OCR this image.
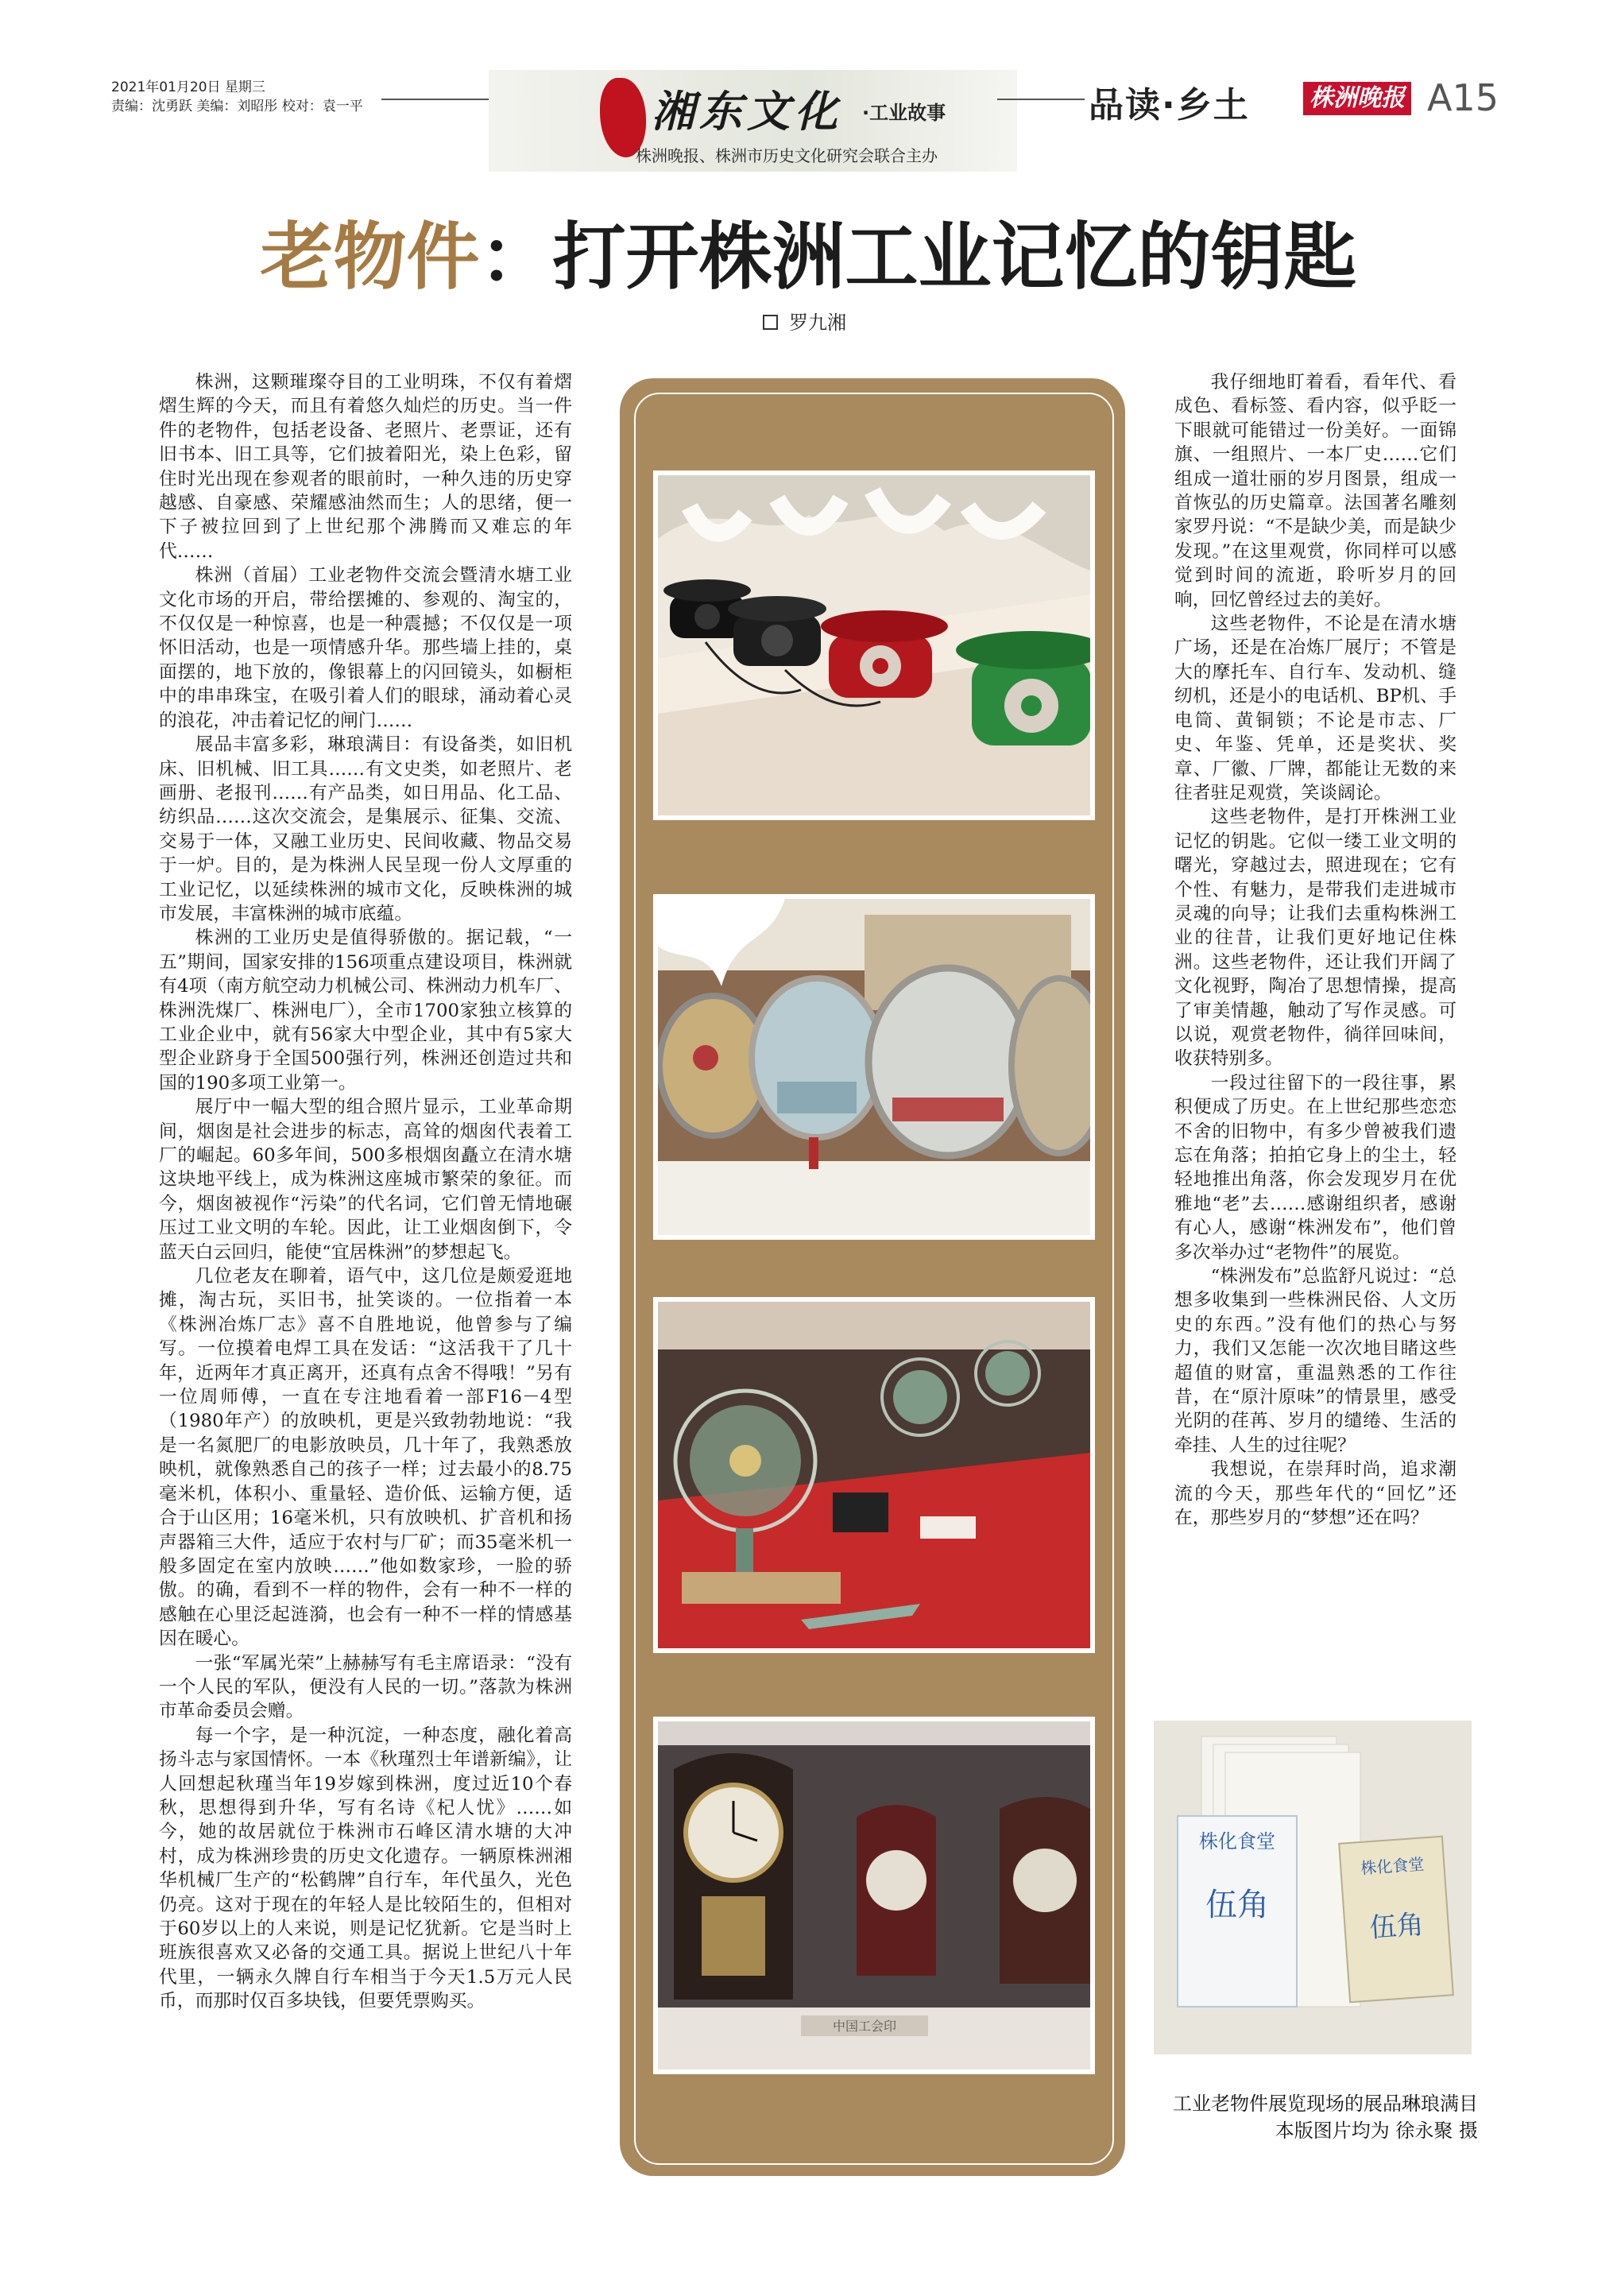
2021年01月20日 星期三
责编：沈勇跃 美编：刘昭彤 校对：袁一平	湘东文化 ·工业故事
株洲晚报、株洲市历史文化研究会联合主办
品读·乡土	株洲晚报 A15
老物件：打开株洲工业记忆的钥匙
罗九湘

株洲，这颗璀璨夺目的工业明珠，不仅有着熠熠生辉的今天，而且有着悠久灿烂的历史。当一件件的老物件，包括老设备、老照片、老票证，还有旧书本、旧工具等，它们披着阳光，染上色彩，留住时光出现在参观者的眼前时，一种久违的历史穿越感、自豪感、荣耀感油然而生；人的思绪，便一下子被拉回到了上世纪那个沸腾而又难忘的年代……

株洲（首届）工业老物件交流会暨清水塘工业文化市场的开启，带给摆摊的、参观的、淘宝的，不仅仅是一种惊喜，也是一种震撼；不仅仅是一项怀旧活动，也是一项情感升华。那些墙上挂的，桌面摆的，地下放的，像银幕上的闪回镜头，如橱柜中的串串珠宝，在吸引着人们的眼球，涌动着心灵的浪花，冲击着记忆的闸门……

展品丰富多彩，琳琅满目：有设备类，如旧机床、旧机械、旧工具……有文史类，如老照片、老画册、老报刊……有产品类，如日用品、化工品、纺织品……这次交流会，是集展示、征集、交流、交易于一体，又融工业历史、民间收藏、物品交易于一炉。目的，是为株洲人民呈现一份人文厚重的工业记忆，以延续株洲的城市文化，反映株洲的城市发展，丰富株洲的城市底蕴。

株洲的工业历史是值得骄傲的。据记载，“一五”期间，国家安排的156项重点建设项目，株洲就有4项（南方航空动力机械公司、株洲动力机车厂、株洲洗煤厂、株洲电厂），全市1700家独立核算的工业企业中，就有56家大中型企业，其中有5家大型企业跻身于全国500强行列，株洲还创造过共和国的190多项工业第一。

展厅中一幅大型的组合照片显示，工业革命期间，烟囱是社会进步的标志，高耸的烟囱代表着工厂的崛起。60多年间，500多根烟囱矗立在清水塘这块地平线上，成为株洲这座城市繁荣的象征。而今，烟囱被视作“污染”的代名词，它们曾无情地碾压过工业文明的车轮。因此，让工业烟囱倒下，令蓝天白云回归，能使“宜居株洲”的梦想起飞。

几位老友在聊着，语气中，这几位是颇爱逛地摊，淘古玩，买旧书，扯笑谈的。一位指着一本《株洲冶炼厂志》喜不自胜地说，他曾参与了编写。一位摸着电焊工具在发话：“这活我干了几十年，近两年才真正离开，还真有点舍不得哦！”另有一位周师傅，一直在专注地看着一部F16－4型（1980年产）的放映机，更是兴致勃勃地说：“我是一名氮肥厂的电影放映员，几十年了，我熟悉放映机，就像熟悉自己的孩子一样；过去最小的8.75毫米机，体积小、重量轻、造价低、运输方便，适合于山区用；16毫米机，只有放映机、扩音机和扬声器箱三大件，适应于农村与厂矿；而35毫米机一般多固定在室内放映……”他如数家珍，一脸的骄傲。的确，看到不一样的物件，会有一种不一样的感触在心里泛起涟漪，也会有一种不一样的情感基因在暖心。

一张“军属光荣”上赫赫写有毛主席语录：“没有一个人民的军队，便没有人民的一切。”落款为株洲市革命委员会赠。

每一个字，是一种沉淀，一种态度，融化着高扬斗志与家国情怀。一本《秋瑾烈士年谱新编》，让人回想起秋瑾当年19岁嫁到株洲，度过近10个春秋，思想得到升华，写有名诗《杞人忧》……如今，她的故居就位于株洲市石峰区清水塘的大冲村，成为株洲珍贵的历史文化遗存。一辆原株洲湘华机械厂生产的“松鹤牌”自行车，年代虽久，光色仍亮。这对于现在的年轻人是比较陌生的，但相对于60岁以上的人来说，则是记忆犹新。它是当时上班族很喜欢又必备的交通工具。据说上世纪八十年代里，一辆永久牌自行车相当于今天1.5万元人民币，而那时仅百多块钱，但要凭票购买。

中国工会印
株化食堂
伍角
株化食堂
伍角

我仔细地盯着看，看年代、看成色、看标签、看内容，似乎眨一下眼就可能错过一份美好。一面锦旗、一组照片、一本厂史……它们组成一道壮丽的岁月图景，组成一首恢弘的历史篇章。法国著名雕刻家罗丹说：“不是缺少美，而是缺少发现。”在这里观赏，你同样可以感觉到时间的流逝，聆听岁月的回响，回忆曾经过去的美好。

这些老物件，不论是在清水塘广场，还是在冶炼厂展厅；不管是大的摩托车、自行车、发动机、缝纫机，还是小的电话机、BP机、手电筒、黄铜锁；不论是市志、厂史、年鉴、凭单，还是奖状、奖章、厂徽、厂牌，都能让无数的来往者驻足观赏，笑谈阔论。

这些老物件，是打开株洲工业记忆的钥匙。它似一缕工业文明的曙光，穿越过去，照进现在；它有个性、有魅力，是带我们走进城市灵魂的向导；让我们去重构株洲工业的往昔，让我们更好地记住株洲。这些老物件，还让我们开阔了文化视野，陶冶了思想情操，提高了审美情趣，触动了写作灵感。可以说，观赏老物件，徜徉回味间，收获特别多。

一段过往留下的一段往事，累积便成了历史。在上世纪那些恋恋不舍的旧物中，有多少曾被我们遗忘在角落；拍拍它身上的尘土，轻轻地推出角落，你会发现岁月在优雅地“老”去……感谢组织者，感谢有心人，感谢“株洲发布”，他们曾多次举办过“老物件”的展览。

“株洲发布”总监舒凡说过：“总想多收集到一些株洲民俗、人文历史的东西。”没有他们的热心与努力，我们又怎能一次次地目睹这些超值的财富，重温熟悉的工作往昔，在“原汁原味”的情景里，感受光阴的荏苒、岁月的缱绻、生活的牵挂、人生的过往呢？

我想说，在崇拜时尚，追求潮流的今天，那些年代的“回忆”还在，那些岁月的“梦想”还在吗？

工业老物件展览现场的展品琳琅满目
本版图片均为 徐永聚 摄
